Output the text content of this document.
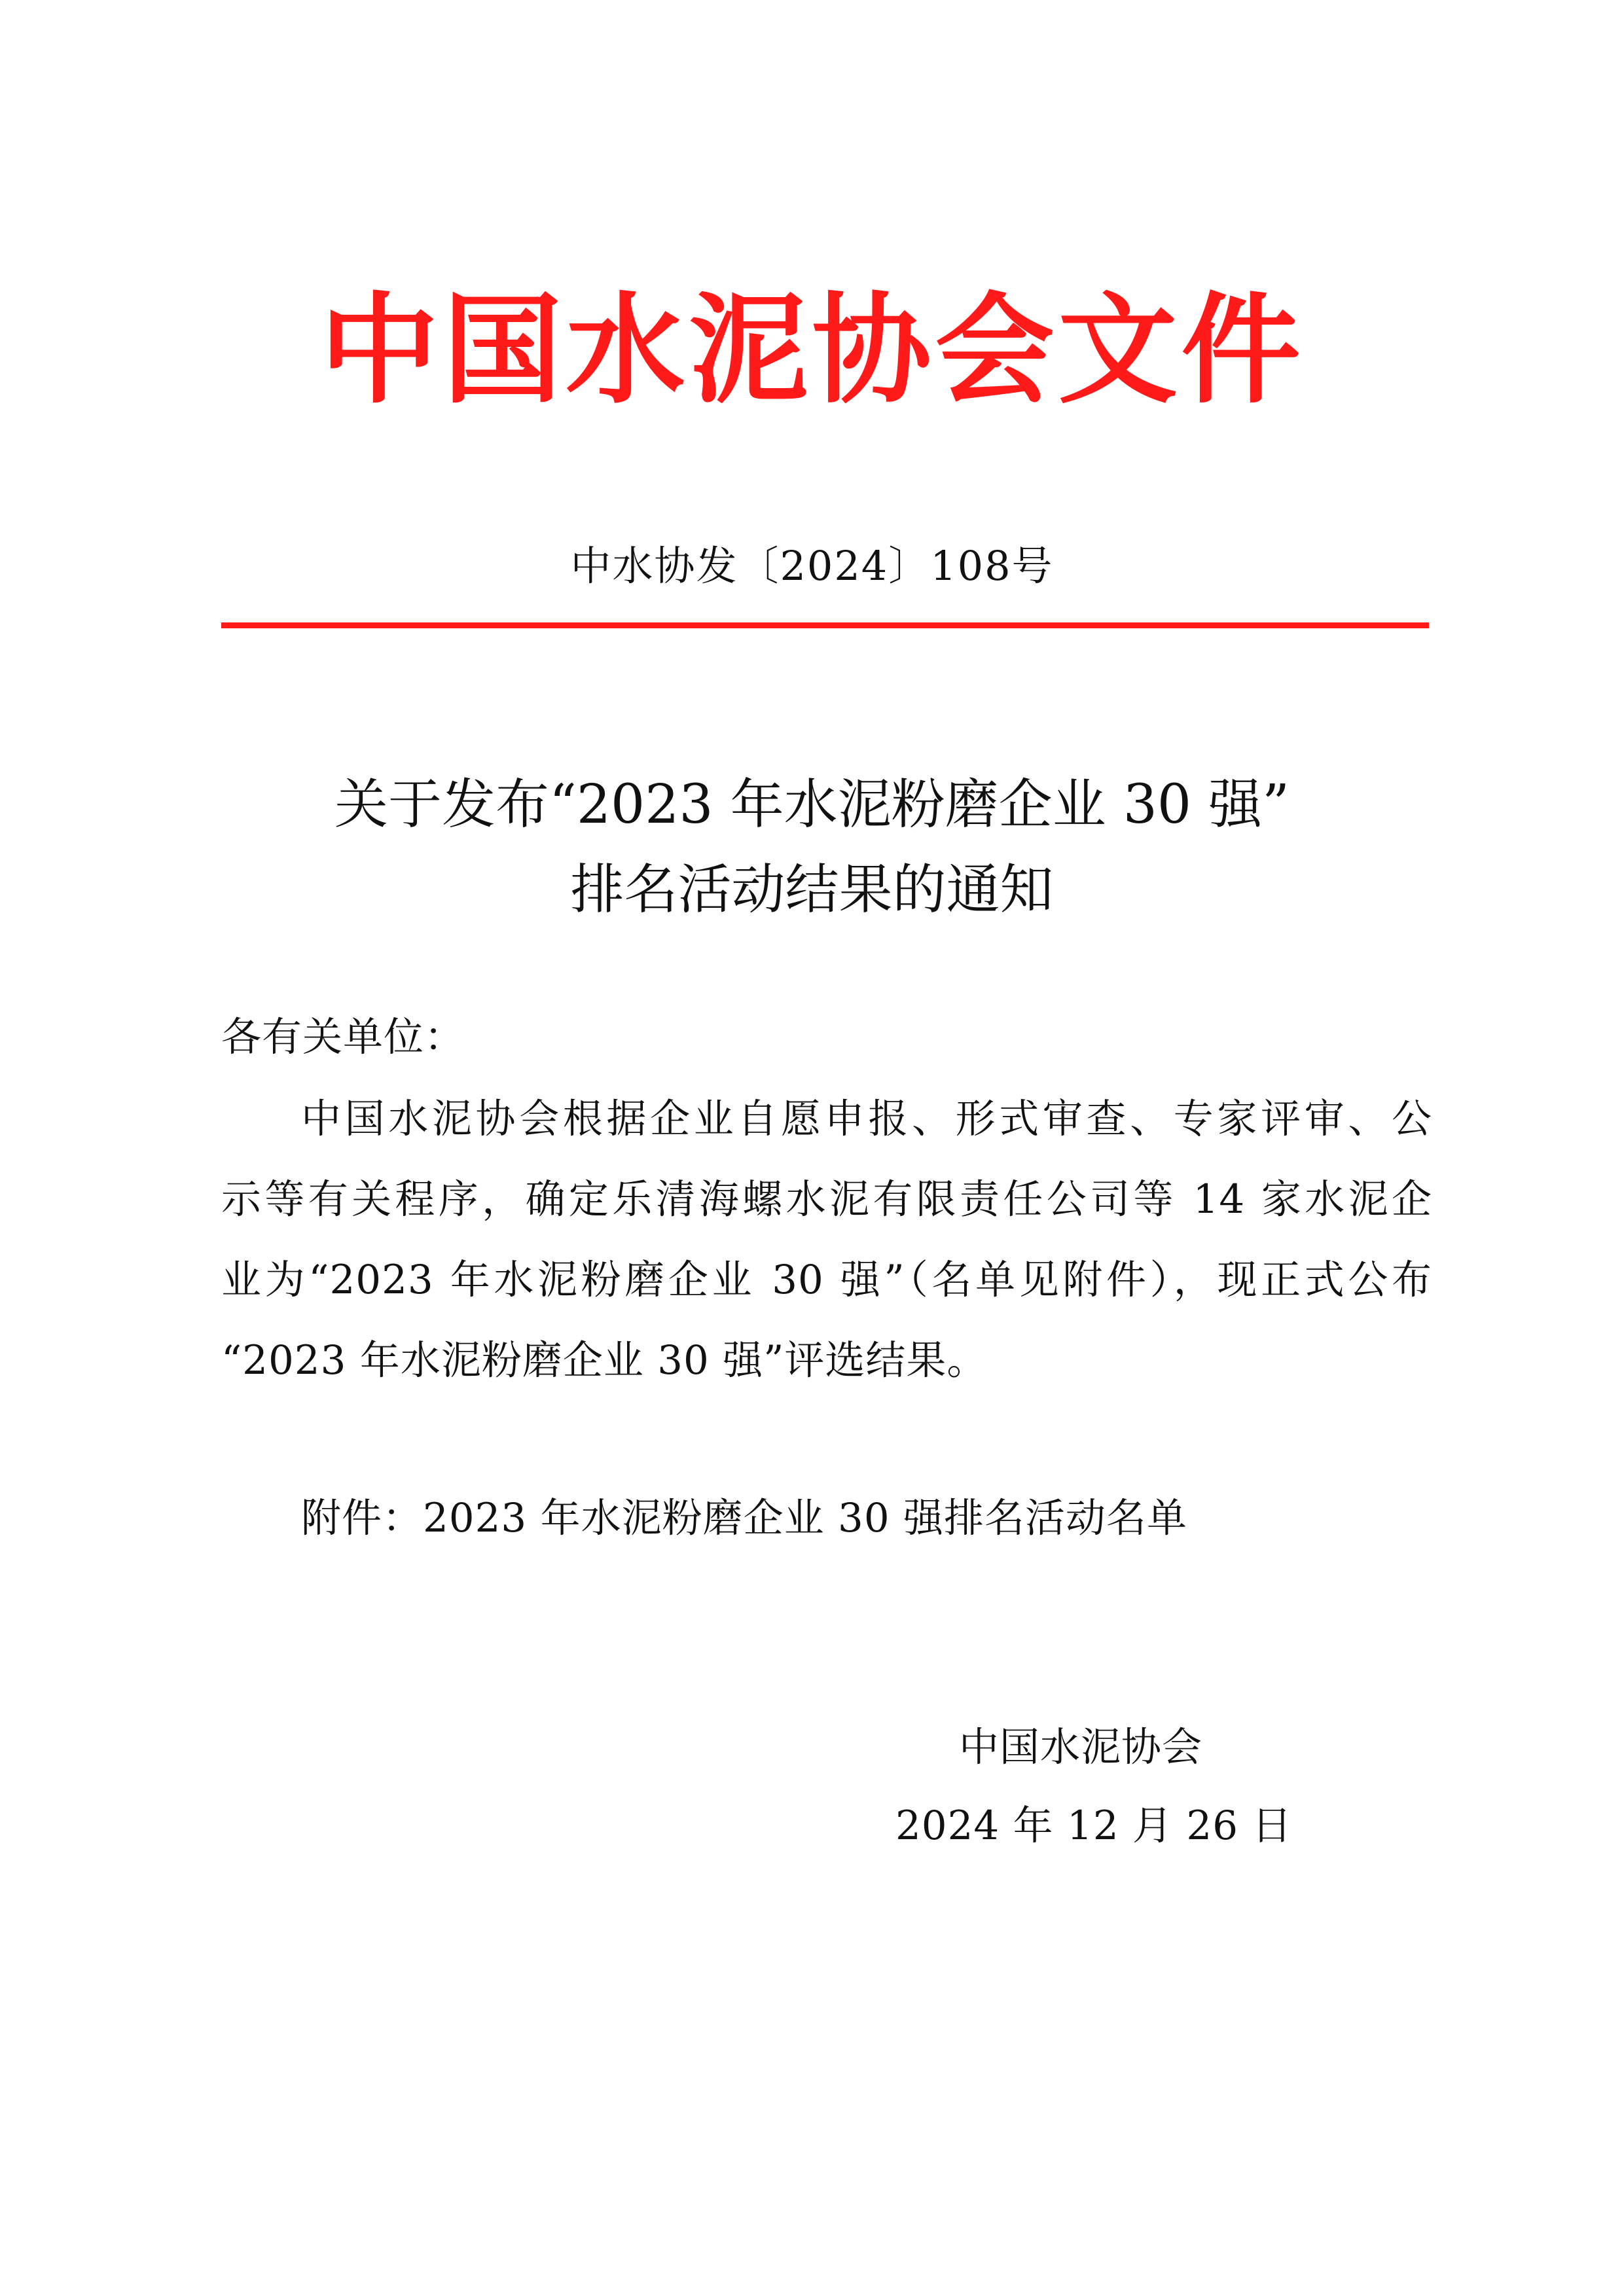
中国水泥协会文件
中水协发〔2024〕108号
关于发布“2023 年水泥粉磨企业 30 强”
排名活动结果的通知
各有关单位：
中国水泥协会根据企业自愿申报、形式审查、专家评审、公
示等有关程序，确定乐清海螺水泥有限责任公司等 14 家水泥企
业为“2023 年水泥粉磨企业 30 强”（名单见附件），现正式公布
“2023 年水泥粉磨企业 30 强”评选结果。
附件：2023 年水泥粉磨企业 30 强排名活动名单
中国水泥协会
2024 年 12 月 26 日
